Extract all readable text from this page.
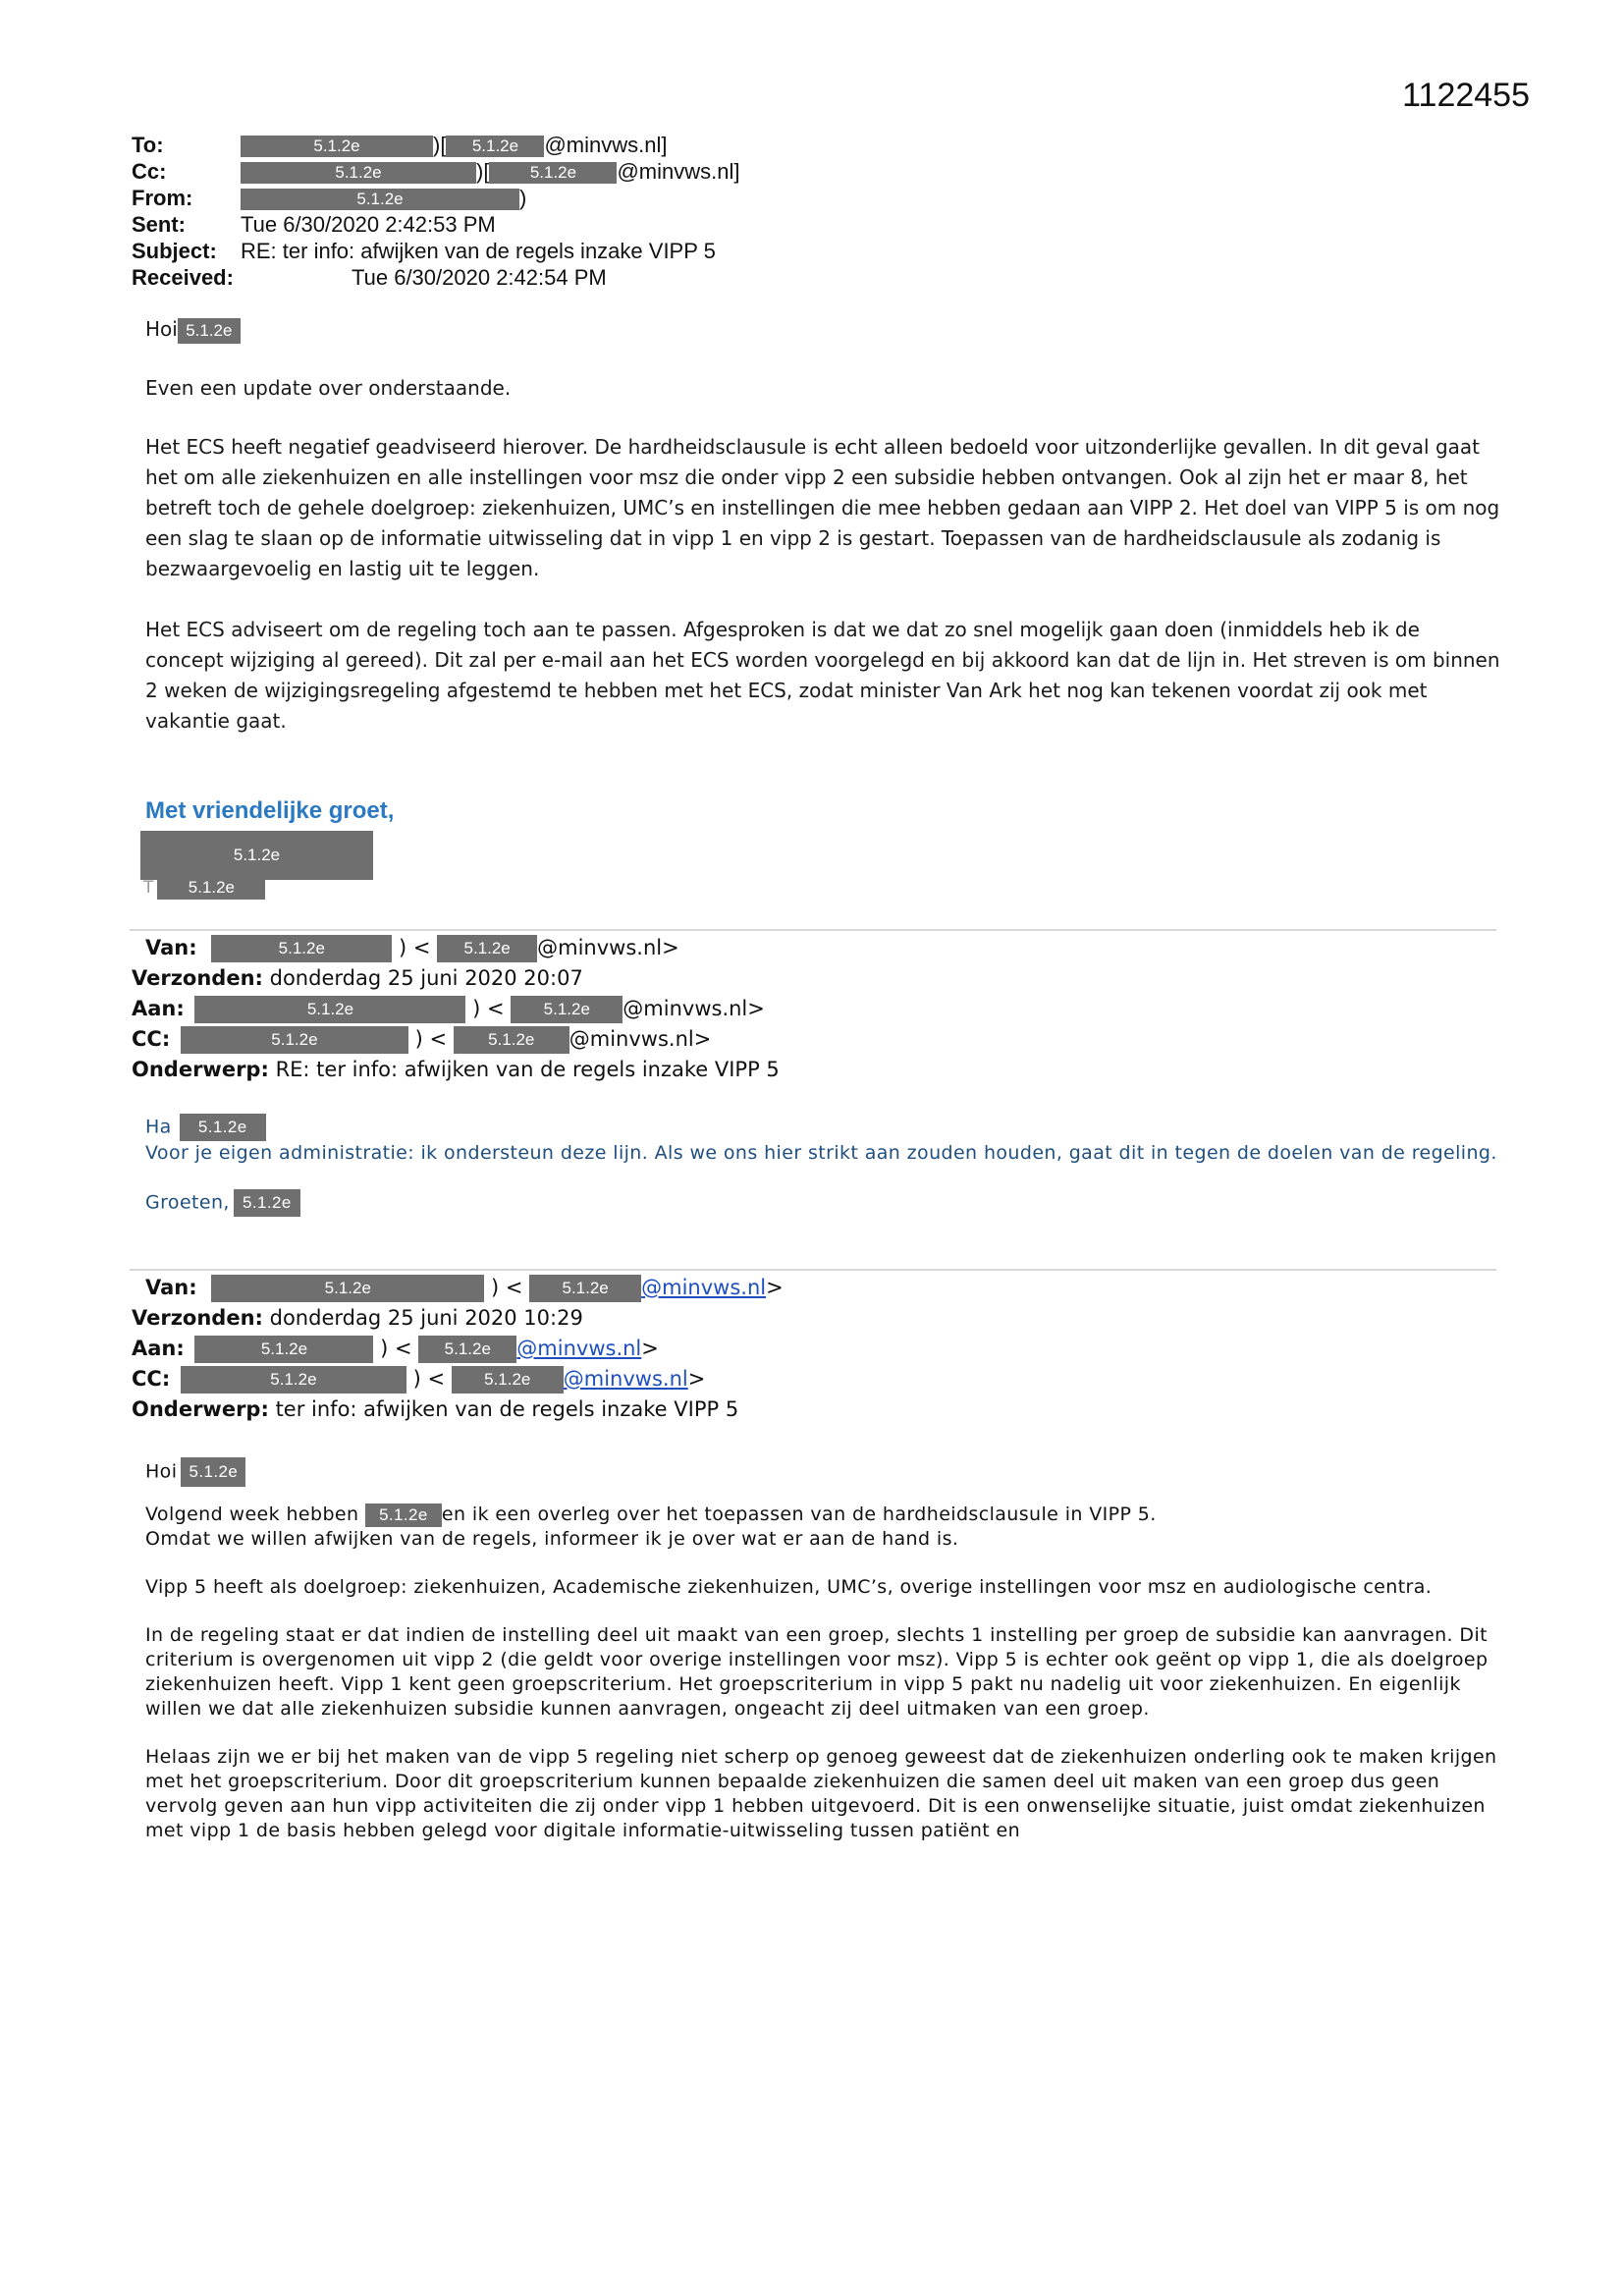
1122455
To:	5.1.2e	)[ 5.1.2e @minvws.nl]
Cc:	5.1.2e	)[ 5.1.2e @minvws.nl]
From:	5.1.2e	)
Sent:	Tue 6/30/2020 2:42:53 PM
Subject: RE: ter info: afwijken van de regels inzake VIPP 5
Received:	Tue 6/30/2020 2:42:54 PM

Hoi 5.1.2e

Even een update over onderstaande.

Het ECS heeft negatief geadviseerd hierover. De hardheidsclausule is echt alleen bedoeld voor uitzonderlijke gevallen. In dit geval gaat het om alle ziekenhuizen en alle instellingen voor msz die onder vipp 2 een subsidie hebben ontvangen. Ook al zijn het er maar 8, het betreft toch de gehele doelgroep: ziekenhuizen, UMC’s en instellingen die mee hebben gedaan aan VIPP 2. Het doel van VIPP 5 is om nog een slag te slaan op de informatie uitwisseling dat in vipp 1 en vipp 2 is gestart. Toepassen van de hardheidsclausule als zodanig is bezwaargevoelig en lastig uit te leggen.

Het ECS adviseert om de regeling toch aan te passen. Afgesproken is dat we dat zo snel mogelijk gaan doen (inmiddels heb ik de concept wijziging al gereed). Dit zal per e-mail aan het ECS worden voorgelegd en bij akkoord kan dat de lijn in. Het streven is om binnen 2 weken de wijzigingsregeling afgestemd te hebben met het ECS, zodat minister Van Ark het nog kan tekenen voordat zij ook met vakantie gaat.

Met vriendelijke groet,
5.1.2e
T 5.1.2e
Van:	5.1.2e	) < 5.1.2e @minvws.nl>
Verzonden: donderdag 25 juni 2020 20:07
Aan:	5.1.2e	) < 5.1.2e @minvws.nl>
CC:	5.1.2e	) < 5.1.2e @minvws.nl>
Onderwerp: RE: ter info: afwijken van de regels inzake VIPP 5

Ha 5.1.2e

Voor je eigen administratie: ik ondersteun deze lijn. Als we ons hier strikt aan zouden houden, gaat dit in tegen de doelen van de regeling.

Groeten, 5.1.2e

Van:	5.1.2e	) < 5.1.2e @minvws.nl>
Verzonden: donderdag 25 juni 2020 10:29
Aan:	5.1.2e	) < 5.1.2e @minvws.nl>
CC:	5.1.2e	) < 5.1.2e @minvws.nl>
Onderwerp: ter info: afwijken van de regels inzake VIPP 5

Hoi 5.1.2e

Volgend week hebben 5.1.2e en ik een overleg over het toepassen van de hardheidsclausule in VIPP 5.
Omdat we willen afwijken van de regels, informeer ik je over wat er aan de hand is.

Vipp 5 heeft als doelgroep: ziekenhuizen, Academische ziekenhuizen, UMC’s, overige instellingen voor msz en audiologische centra.

In de regeling staat er dat indien de instelling deel uit maakt van een groep, slechts 1 instelling per groep de subsidie kan aanvragen. Dit criterium is overgenomen uit vipp 2 (die geldt voor overige instellingen voor msz). Vipp 5 is echter ook geënt op vipp 1, die als doelgroep ziekenhuizen heeft. Vipp 1 kent geen groepscriterium. Het groepscriterium in vipp 5 pakt nu nadelig uit voor ziekenhuizen. En eigenlijk willen we dat alle ziekenhuizen subsidie kunnen aanvragen, ongeacht zij deel uitmaken van een groep.

Helaas zijn we er bij het maken van de vipp 5 regeling niet scherp op genoeg geweest dat de ziekenhuizen onderling ook te maken krijgen met het groepscriterium. Door dit groepscriterium kunnen bepaalde ziekenhuizen die samen deel uit maken van een groep dus geen vervolg geven aan hun vipp activiteiten die zij onder vipp 1 hebben uitgevoerd. Dit is een onwenselijke situatie, juist omdat ziekenhuizen met vipp 1 de basis hebben gelegd voor digitale informatie-uitwisseling tussen patiënt en
